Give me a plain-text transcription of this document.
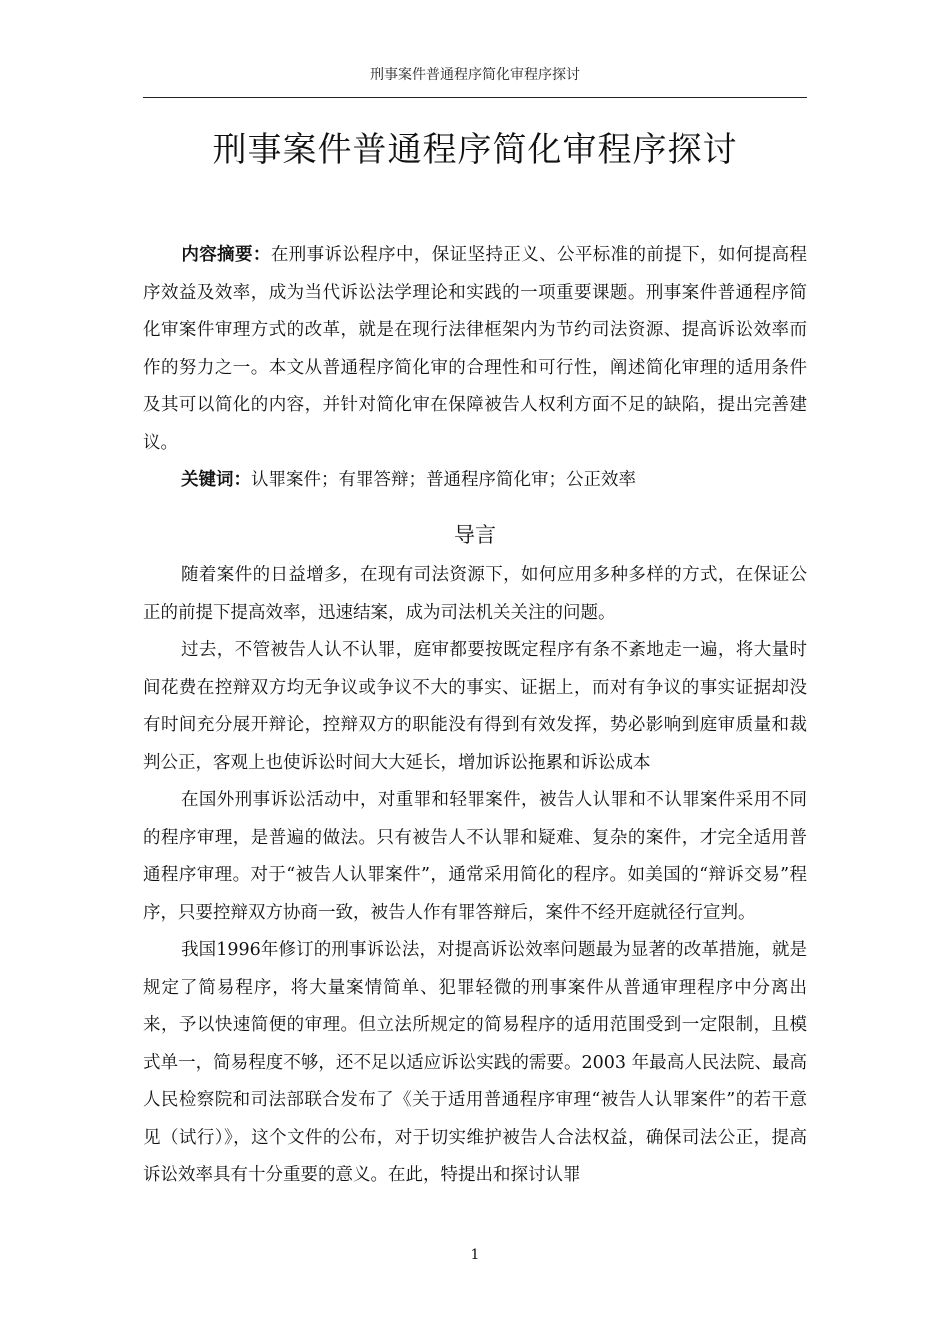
刑事案件普通程序简化审程序探讨
刑事案件普通程序简化审程序探讨
内容摘要：在刑事诉讼程序中，保证坚持正义、公平标准的前提下，如何提高程序效益及效率，成为当代诉讼法学理论和实践的一项重要课题。刑事案件普通程序简化审案件审理方式的改革，就是在现行法律框架内为节约司法资源、提高诉讼效率而作的努力之一。本文从普通程序简化审的合理性和可行性，阐述简化审理的适用条件及其可以简化的内容，并针对简化审在保障被告人权利方面不足的缺陷，提出完善建议。
关键词：认罪案件；有罪答辩；普通程序简化审；公正效率
导言

随着案件的日益增多，在现有司法资源下，如何应用多种多样的方式，在保证公正的前提下提高效率，迅速结案，成为司法机关关注的问题。

过去，不管被告人认不认罪，庭审都要按既定程序有条不紊地走一遍，将大量时间花费在控辩双方均无争议或争议不大的事实、证据上，而对有争议的事实证据却没有时间充分展开辩论，控辩双方的职能没有得到有效发挥，势必影响到庭审质量和裁判公正，客观上也使诉讼时间大大延长，增加诉讼拖累和诉讼成本

在国外刑事诉讼活动中，对重罪和轻罪案件，被告人认罪和不认罪案件采用不同的程序审理，是普遍的做法。只有被告人不认罪和疑难、复杂的案件，才完全适用普通程序审理。对于“被告人认罪案件”，通常采用简化的程序。如美国的“辩诉交易”程序，只要控辩双方协商一致，被告人作有罪答辩后，案件不经开庭就径行宣判。

我国1996年修订的刑事诉讼法，对提高诉讼效率问题最为显著的改革措施，就是规定了简易程序，将大量案情简单、犯罪轻微的刑事案件从普通审理程序中分离出来，予以快速简便的审理。但立法所规定的简易程序的适用范围受到一定限制，且模式单一，简易程度不够，还不足以适应诉讼实践的需要。2003 年最高人民法院、最高人民检察院和司法部联合发布了《关于适用普通程序审理“被告人认罪案件”的若干意见（试行）》，这个文件的公布，对于切实维护被告人合法权益，确保司法公正，提高诉讼效率具有十分重要的意义。在此，特提出和探讨认罪

1
